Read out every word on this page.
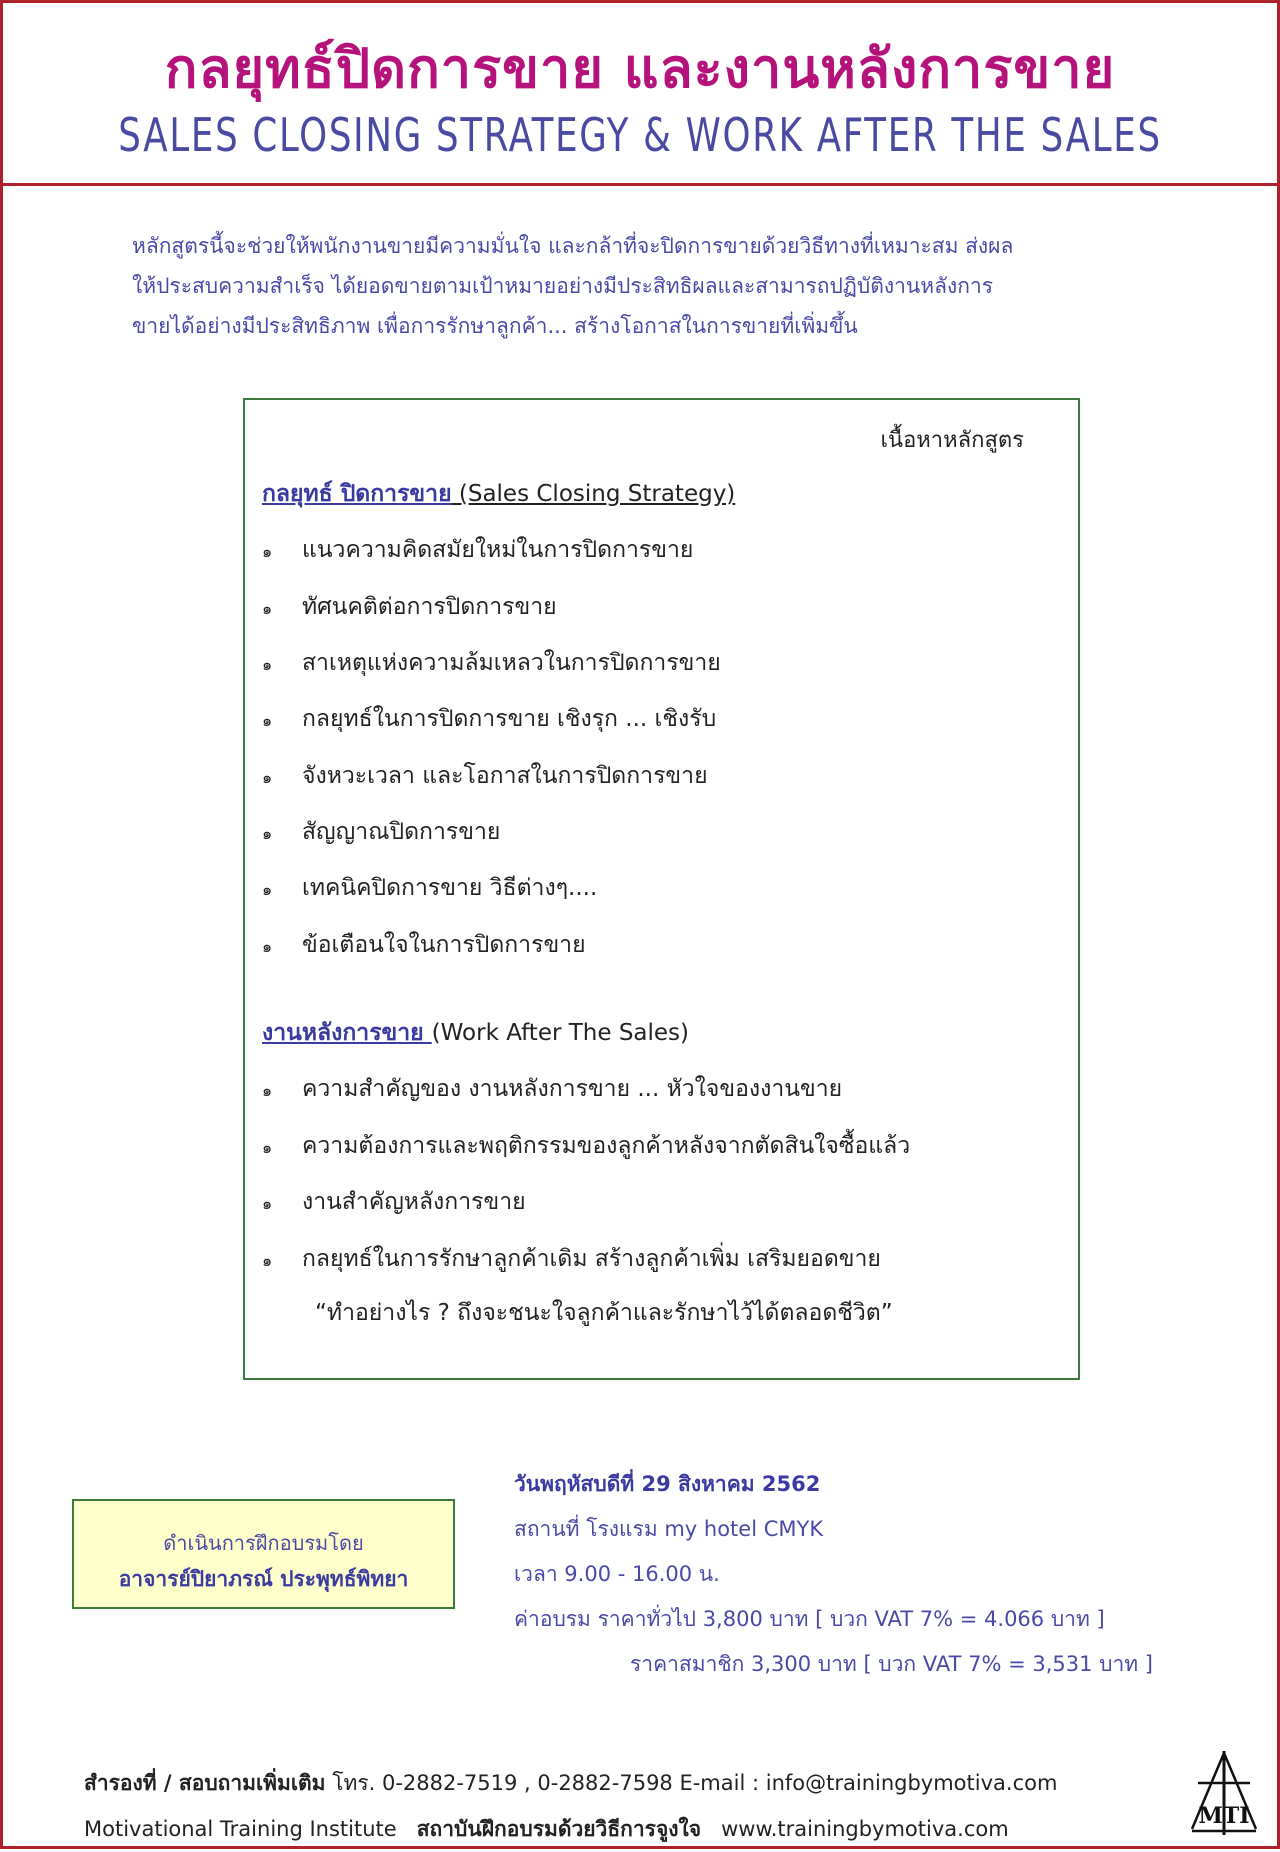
กลยุทธ์ปิดการขาย และงานหลังการขาย
SALES CLOSING STRATEGY & WORK AFTER THE SALES

หลักสูตรนี้จะช่วยให้พนักงานขายมีความมั่นใจ และกล้าที่จะปิดการขายด้วยวิธีทางที่เหมาะสม ส่งผล

ให้ประสบความสำเร็จ ได้ยอดขายตามเป้าหมายอย่างมีประสิทธิผลและสามารถปฏิบัติงานหลังการ

ขายได้อย่างมีประสิทธิภาพ เพื่อการรักษาลูกค้า... สร้างโอกาสในการขายที่เพิ่มขึ้น

เนื้อหาหลักสูตร
กลยุทธ์ ปิดการขาย (Sales Closing Strategy)
๑ แนวความคิดสมัยใหม่ในการปิดการขาย
๑ ทัศนคติต่อการปิดการขาย
๑ สาเหตุแห่งความล้มเหลวในการปิดการขาย
๑ กลยุทธ์ในการปิดการขาย เชิงรุก ... เชิงรับ
๑ จังหวะเวลา และโอกาสในการปิดการขาย
๑ สัญญาณปิดการขาย
๑ เทคนิคปิดการขาย วิธีต่างๆ....
๑ ข้อเตือนใจในการปิดการขาย
งานหลังการขาย (Work After The Sales)
๑ ความสำคัญของ งานหลังการขาย ... หัวใจของงานขาย
๑ ความต้องการและพฤติกรรมของลูกค้าหลังจากตัดสินใจซื้อแล้ว
๑ งานสำคัญหลังการขาย
๑ กลยุทธ์ในการรักษาลูกค้าเดิม สร้างลูกค้าเพิ่ม เสริมยอดขาย
“ทำอย่างไร ? ถึงจะชนะใจลูกค้าและรักษาไว้ได้ตลอดชีวิต”
ดำเนินการฝึกอบรมโดย
อาจารย์ปิยาภรณ์ ประพุทธ์พิทยา
วันพฤหัสบดีที่ 29 สิงหาคม 2562
สถานที่ โรงแรม my hotel CMYK
เวลา 9.00 - 16.00 น.
ค่าอบรม ราคาทั่วไป 3,800 บาท [ บวก VAT 7% = 4.066 บาท ]
ราคาสมาชิก 3,300 บาท [ บวก VAT 7% = 3,531 บาท ]
สำรองที่ / สอบถามเพิ่มเติม โทร. 0-2882-7519 , 0-2882-7598 E-mail : info@trainingbymotiva.com
Motivational Training Institute สถาบันฝึกอบรมด้วยวิธีการจูงใจ www.trainingbymotiva.com	MTI
